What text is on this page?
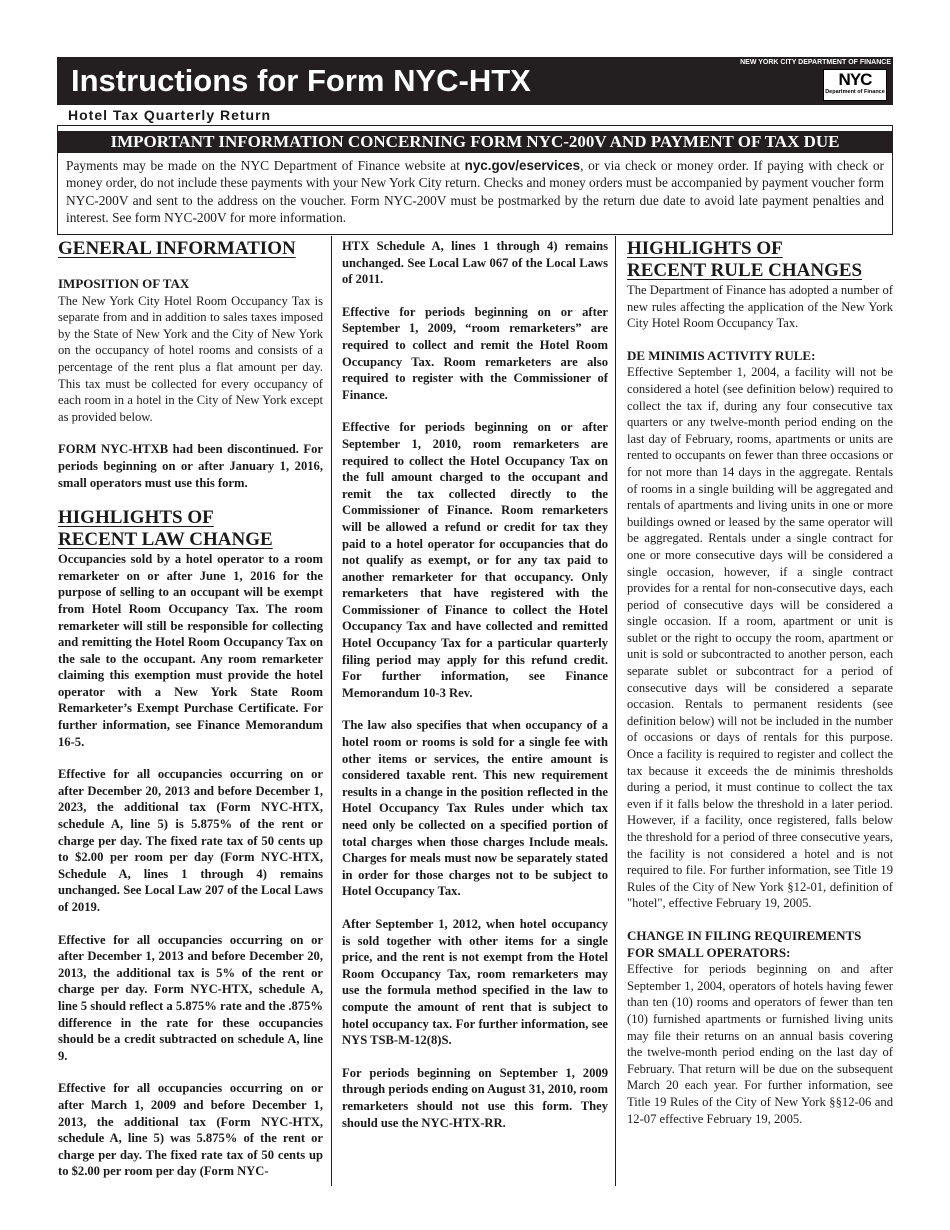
Instructions for Form NYC-HTX
NEW YORK CITY DEPARTMENT OF FINANCE
NYC
Department of Finance
Hotel Tax Quarterly Return
IMPORTANT INFORMATION CONCERNING FORM NYC-200V AND PAYMENT OF TAX DUE
Payments may be made on the NYC Department of Finance website at nyc.gov/eservices, or via check or money order. If paying with check or money order, do not include these payments with your New York City return. Checks and money orders must be accompanied by payment voucher form NYC-200V and sent to the address on the voucher. Form NYC-200V must be postmarked by the return due date to avoid late payment penalties and interest. See form NYC-200V for more information.
GENERAL INFORMATION
IMPOSITION OF TAX

The New York City Hotel Room Occupancy Tax is separate from and in addition to sales taxes imposed by the State of New York and the City of New York on the occupancy of hotel rooms and consists of a percentage of the rent plus a flat amount per day. This tax must be collected for every occupancy of each room in a hotel in the City of New York except as provided below.

FORM NYC-HTXB had been discontinued. For periods beginning on or after January 1, 2016, small operators must use this form.

HIGHLIGHTS OF
RECENT LAW CHANGE

Occupancies sold by a hotel operator to a room remarketer on or after June 1, 2016 for the purpose of selling to an occupant will be exempt from Hotel Room Occupancy Tax. The room remarketer will still be responsible for collecting and remitting the Hotel Room Occupancy Tax on the sale to the occupant. Any room remarketer claiming this exemption must provide the hotel operator with a New York State Room Remarketer’s Exempt Purchase Certificate. For further information, see Finance Memorandum 16-5.

Effective for all occupancies occurring on or after December 20, 2013 and before December 1, 2023, the additional tax (Form NYC-HTX, schedule A, line 5) is 5.875% of the rent or charge per day. The fixed rate tax of 50 cents up to $2.00 per room per day (Form NYC-HTX, Schedule A, lines 1 through 4) remains unchanged. See Local Law 207 of the Local Laws of 2019.

Effective for all occupancies occurring on or after December 1, 2013 and before December 20, 2013, the additional tax is 5% of the rent or charge per day. Form NYC-HTX, schedule A, line 5 should reflect a 5.875% rate and the .875% difference in the rate for these occupancies should be a credit subtracted on schedule A, line 9.

Effective for all occupancies occurring on or after March 1, 2009 and before December 1, 2013, the additional tax (Form NYC-HTX, schedule A, line 5) was 5.875% of the rent or charge per day. The fixed rate tax of 50 cents up to $2.00 per room per day (Form NYC-

HTX Schedule A, lines 1 through 4) remains unchanged. See Local Law 067 of the Local Laws of 2011.

Effective for periods beginning on or after September 1, 2009, “room remarketers” are required to collect and remit the Hotel Room Occupancy Tax. Room remarketers are also required to register with the Commissioner of Finance.

Effective for periods beginning on or after September 1, 2010, room remarketers are required to collect the Hotel Occupancy Tax on the full amount charged to the occupant and remit the tax collected directly to the Commissioner of Finance. Room remarketers will be allowed a refund or credit for tax they paid to a hotel operator for occupancies that do not qualify as exempt, or for any tax paid to another remarketer for that occupancy. Only remarketers that have registered with the Commissioner of Finance to collect the Hotel Occupancy Tax and have collected and remitted Hotel Occupancy Tax for a particular quarterly filing period may apply for this refund credit. For further information, see Finance Memorandum 10-3 Rev.

The law also specifies that when occupancy of a hotel room or rooms is sold for a single fee with other items or services, the entire amount is considered taxable rent. This new requirement results in a change in the position reflected in the Hotel Occupancy Tax Rules under which tax need only be collected on a specified portion of total charges when those charges Include meals. Charges for meals must now be separately stated in order for those charges not to be subject to Hotel Occupancy Tax.

After September 1, 2012, when hotel occupancy is sold together with other items for a single price, and the rent is not exempt from the Hotel Room Occupancy Tax, room remarketers may use the formula method specified in the law to compute the amount of rent that is subject to hotel occupancy tax. For further information, see NYS TSB-M-12(8)S.

For periods beginning on September 1, 2009 through periods ending on August 31, 2010, room remarketers should not use this form. They should use the NYC-HTX-RR.

HIGHLIGHTS OF
RECENT RULE CHANGES

The Department of Finance has adopted a number of new rules affecting the application of the New York City Hotel Room Occupancy Tax.

DE MINIMIS ACTIVITY RULE:

Effective September 1, 2004, a facility will not be considered a hotel (see definition below) required to collect the tax if, during any four consecutive tax quarters or any twelve-month period ending on the last day of February, rooms, apartments or units are rented to occupants on fewer than three occasions or for not more than 14 days in the aggregate. Rentals of rooms in a single building will be aggregated and rentals of apartments and living units in one or more buildings owned or leased by the same operator will be aggregated. Rentals under a single contract for one or more consecutive days will be considered a single occasion, however, if a single contract provides for a rental for non-consecutive days, each period of consecutive days will be considered a single occasion. If a room, apartment or unit is sublet or the right to occupy the room, apartment or unit is sold or subcontracted to another person, each separate sublet or subcontract for a period of consecutive days will be considered a separate occasion. Rentals to permanent residents (see definition below) will not be included in the number of occasions or days of rentals for this purpose. Once a facility is required to register and collect the tax because it exceeds the de minimis thresholds during a period, it must continue to collect the tax even if it falls below the threshold in a later period. However, if a facility, once registered, falls below the threshold for a period of three consecutive years, the facility is not considered a hotel and is not required to file. For further information, see Title 19 Rules of the City of New York §12-01, definition of "hotel", effective February 19, 2005.

CHANGE IN FILING REQUIREMENTS
FOR SMALL OPERATORS:

Effective for periods beginning on and after September 1, 2004, operators of hotels having fewer than ten (10) rooms and operators of fewer than ten (10) furnished apartments or furnished living units may file their returns on an annual basis covering the twelve-month period ending on the last day of February. That return will be due on the subsequent March 20 each year. For further information, see Title 19 Rules of the City of New York §§12-06 and 12-07 effective February 19, 2005.
